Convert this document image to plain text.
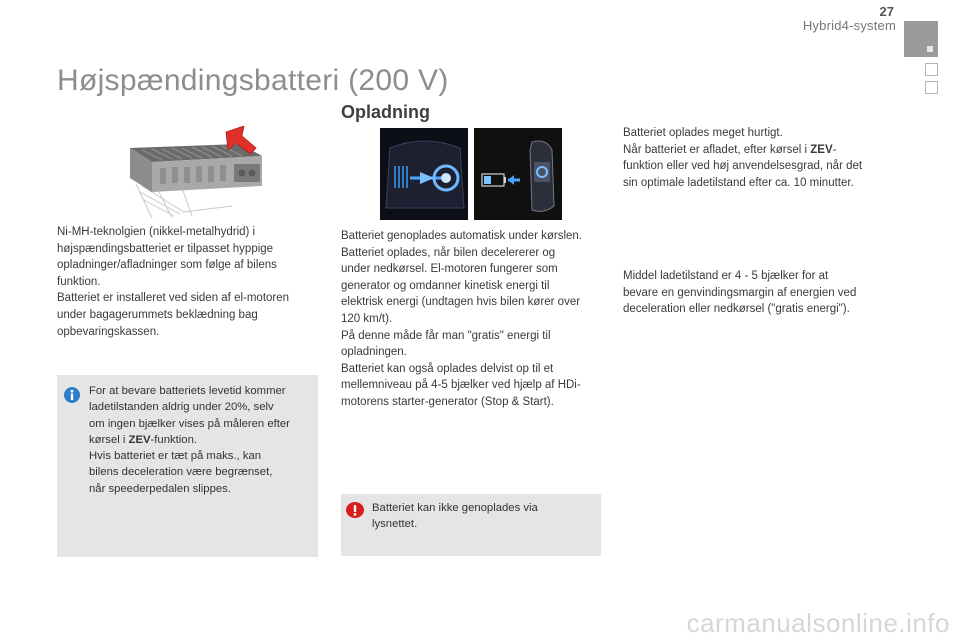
27
Hybrid4-system
Højspændingsbatteri (200 V)
Ni-MH-teknolgien (nikkel-metalhydrid) i
højspændingsbatteriet er tilpasset hyppige
opladninger/afladninger som følge af bilens
funktion.
Batteriet er installeret ved siden af el-motoren
under bagagerummets beklædning bag
opbevaringskassen.
For at bevare batteriets levetid kommer
ladetilstanden aldrig under 20%, selv
om ingen bjælker vises på måleren efter
kørsel i ZEV-funktion.
Hvis batteriet er tæt på maks., kan
bilens deceleration være begrænset,
når speederpedalen slippes.
Opladning
Batteriet genoplades automatisk under kørslen.
Batteriet oplades, når bilen decelererer og
under nedkørsel. El-motoren fungerer som
generator og omdanner kinetisk energi til
elektrisk energi (undtagen hvis bilen kører over
120 km/t).
På denne måde får man "gratis" energi til
opladningen.
Batteriet kan også oplades delvist op til et
mellemniveau på 4-5 bjælker ved hjælp af HDi-
motorens starter-generator (Stop & Start).
Batteriet kan ikke genoplades via
lysnettet.
Batteriet oplades meget hurtigt.
Når batteriet er afladet, efter kørsel i ZEV-
funktion eller ved høj anvendelsesgrad, når det
sin optimale ladetilstand efter ca. 10 minutter.
Middel ladetilstand er 4 - 5 bjælker for at
bevare en genvindingsmargin af energien ved
deceleration eller nedkørsel ("gratis energi").
carmanualsonline.info
